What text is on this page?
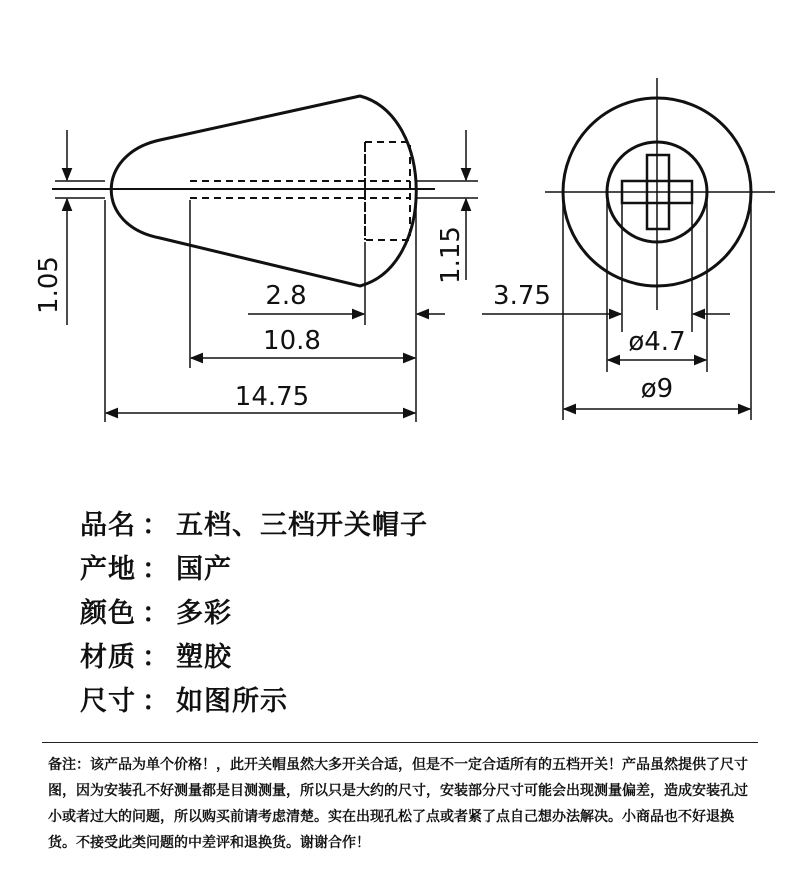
2.8
10.8
14.75
1.05
1.15
3.75
ø4.7
ø9
品名 ： 五档、三档开关帽子
产地 ： 国产
颜色 ： 多彩
材质 ： 塑胶
尺寸 ： 如图所示
备注：该产品为单个价格！，此开关帽虽然大多开关合适，但是不一定合适所有的五档开关！产品虽然提供了尺寸图，因为安装孔不好测量都是目测测量，所以只是大约的尺寸，安装部分尺寸可能会出现测量偏差，造成安装孔过小或者过大的问题，所以购买前请考虑清楚。实在出现孔松了点或者紧了点自己想办法解决。小商品也不好退换货。不接受此类问题的中差评和退换货。谢谢合作！
